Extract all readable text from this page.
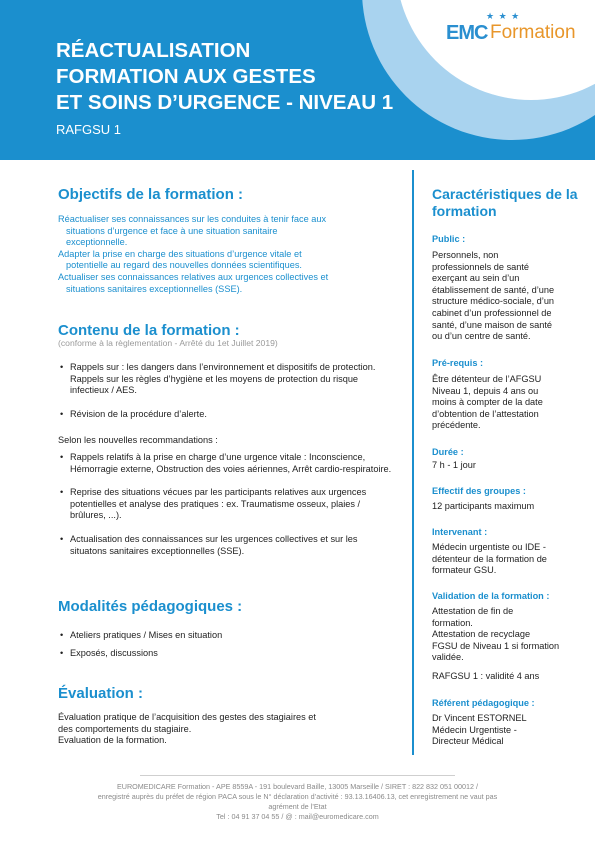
★ ★ ★
EMC Formation
RÉACTUALISATION
FORMATION AUX GESTES
ET SOINS D’URGENCE - NIVEAU 1
RAFGSU 1
Objectifs de la formation :

Réactualiser ses connaissances sur les conduites à tenir face aux
situations d’urgence et face à une situation sanitaire
exceptionnelle.
Adapter la prise en charge des situations d’urgence vitale et
potentielle au regard des nouvelles données scientifiques.
Actualiser ses connaissances relatives aux urgences collectives et
situations sanitaires exceptionnelles (SSE).

Contenu de la formation :
(conforme à la règlementation - Arrêté du 1et Juillet 2019)
• Rappels sur : les dangers dans l’environnement et dispositifs de protection. Rappels sur les règles d’hygiène et les moyens de protection du risque infectieux / AES.
• Révision de la procédure d’alerte.

Selon les nouvelles recommandations :

• Rappels relatifs à la prise en charge d’une urgence vitale : Inconscience, Hémorragie externe, Obstruction des voies aériennes, Arrêt cardio-respiratoire.
• Reprise des situations vécues par les participants relatives aux urgences potentielles et analyse des pratiques : ex. Traumatisme osseux, plaies / brûlures, ...).
• Actualisation des connaissances sur les urgences collectives et sur les situatons sanitaires exceptionnelles (SSE).
Modalités pédagogiques :
• Ateliers pratiques / Mises en situation
• Exposés, discussions
Évaluation :

Évaluation pratique de l’acquisition des gestes des stagiaires et
des comportements du stagiaire.
Evaluation de la formation.

Caractéristiques de la formation
Public :

Personnels, non
professionnels de santé
exerçant au sein d’un
établissement de santé, d’une
structure médico-sociale, d’un
cabinet d’un professionnel de
santé, d’une maison de santé
ou d’un centre de santé.

Pré-requis :

Être détenteur de l’AFGSU
Niveau 1, depuis 4 ans ou
moins à compter de la date
d’obtention de l’attestation
précédente.

Durée :

7 h - 1 jour

Effectif des groupes :

12 participants maximum

Intervenant :

Médecin urgentiste ou IDE -
détenteur de la formation de
formateur GSU.

Validation de la formation :

Attestation de fin de
formation.
Attestation de recyclage
FGSU de Niveau 1 si formation
validée.

RAFGSU 1 : validité 4 ans

Référent pédagogique :

Dr Vincent ESTORNEL
Médecin Urgentiste -
Directeur Médical

EUROMEDICARE Formation - APE 8559A - 191 boulevard Baille, 13005 Marseille / SIRET : 822 832 051 00012 /
enregistré auprès du préfet de région PACA sous le N° déclaration d’activité : 93.13.16406.13, cet enregistrement ne vaut pas
agrément de l’Etat
Tel : 04 91 37 04 55 / @ : mail@euromedicare.com
